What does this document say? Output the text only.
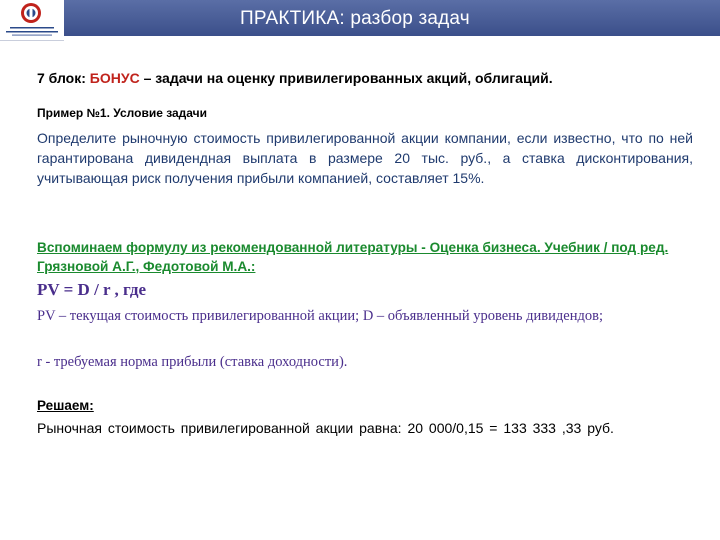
ПРАКТИКА: разбор задач
7 блок: БОНУС – задачи на оценку привилегированных акций, облигаций.
Пример №1. Условие задачи
Определите рыночную стоимость привилегированной акции компании, если известно, что по ней гарантирована дивидендная выплата в размере 20 тыс. руб., а ставка дисконтирования, учитывающая риск получения прибыли компанией, составляет 15%.
Вспоминаем формулу из рекомендованной литературы - Оценка бизнеса. Учебник / под ред. Грязновой А.Г., Федотовой М.А.:
PV = D / r , где
PV – текущая стоимость привилегированной акции; D – объявленный уровень дивидендов;
r - требуемая норма прибыли (ставка доходности).
Решаем:
Рыночная стоимость привилегированной акции равна: 20 000/0,15 = 133 333 ,33 руб.
